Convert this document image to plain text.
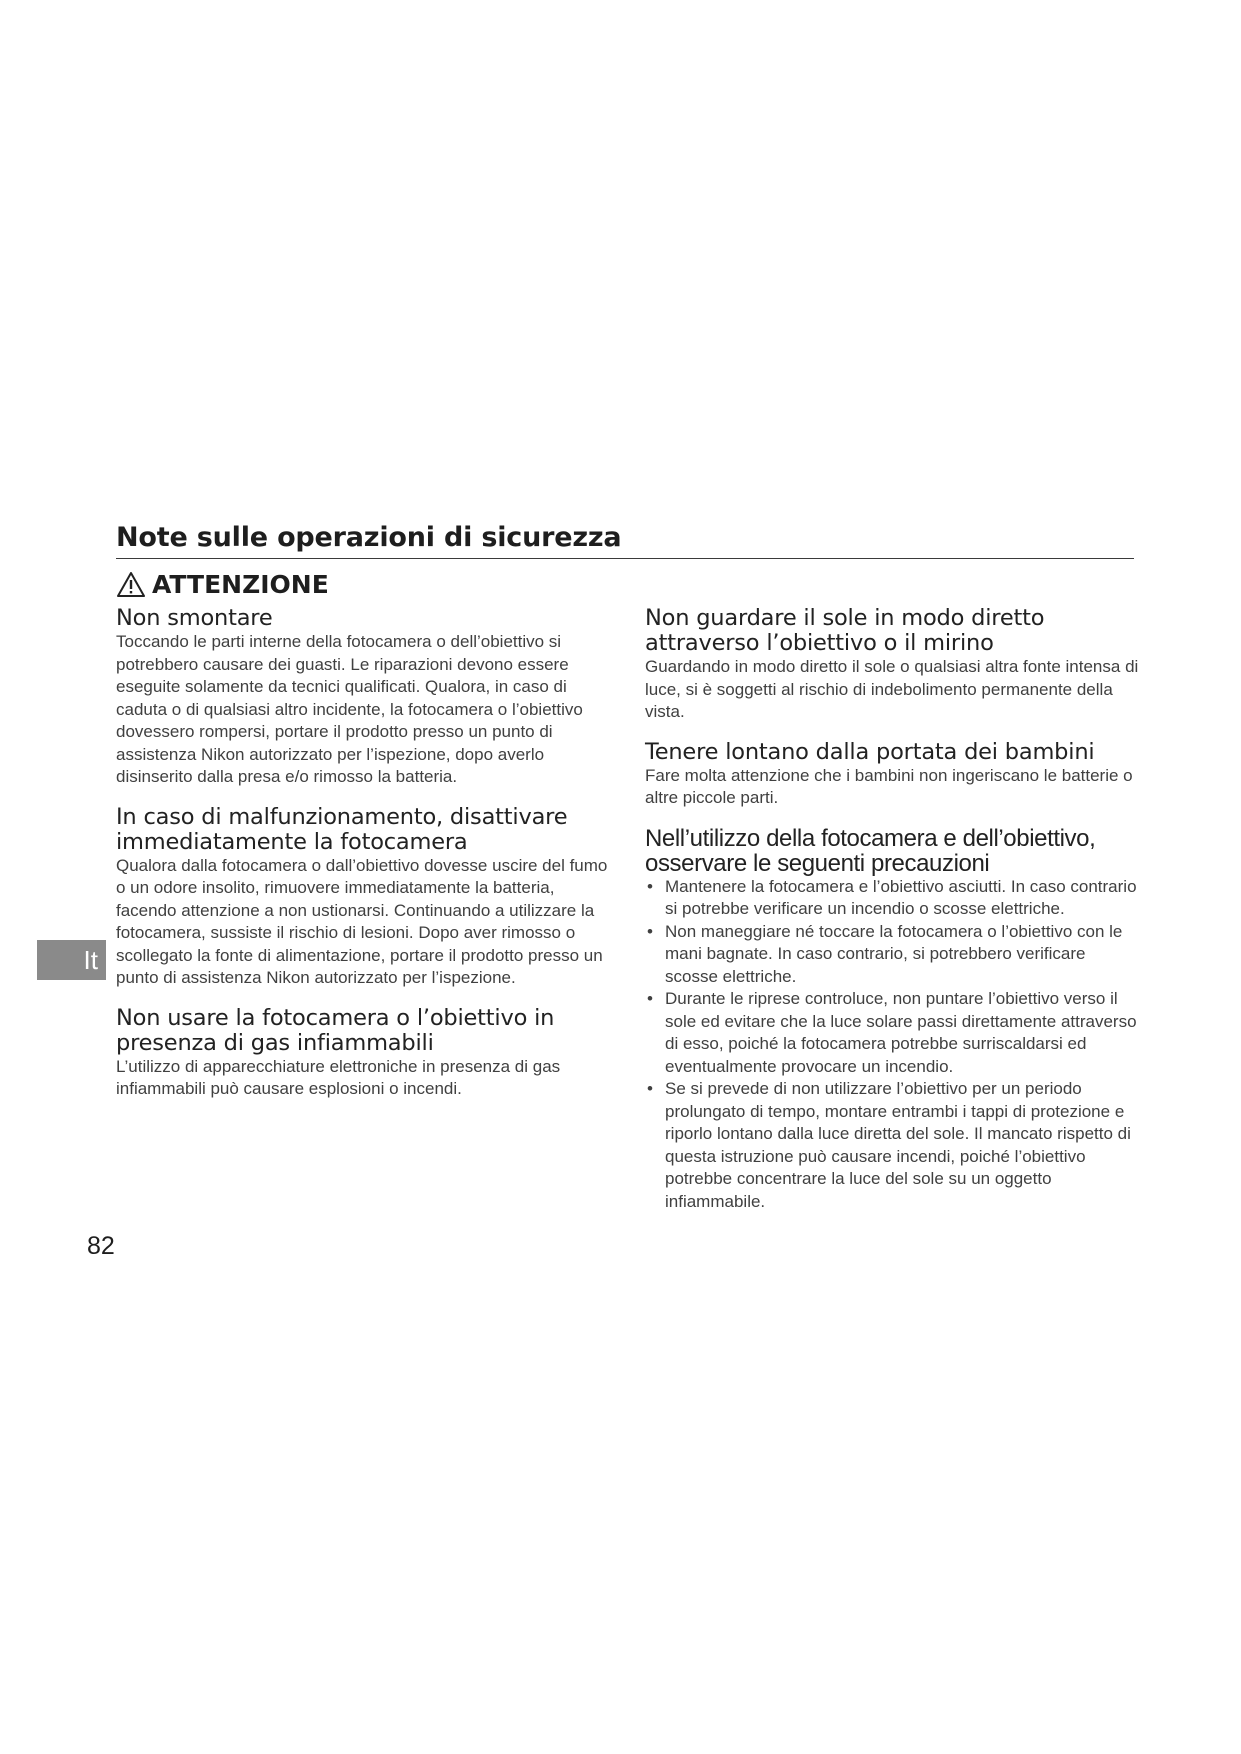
Note sulle operazioni di sicurezza
ATTENZIONE
Non smontare

Toccando le parti interne della fotocamera o dell’obiettivo si potrebbero causare dei guasti. Le riparazioni devono essere eseguite solamente da tecnici qualificati. Qualora, in caso di caduta o di qualsiasi altro incidente, la fotocamera o l’obiettivo dovessero rompersi, portare il prodotto presso un punto di assistenza Nikon autorizzato per l’ispezione, dopo averlo disinserito dalla presa e/o rimosso la batteria.

In caso di malfunzionamento, disattivare immediatamente la fotocamera

Qualora dalla fotocamera o dall’obiettivo dovesse uscire del fumo o un odore insolito, rimuovere immediatamente la batteria, facendo attenzione a non ustionarsi. Continuando a utilizzare la fotocamera, sussiste il rischio di lesioni. Dopo aver rimosso o scollegato la fonte di alimentazione, portare il prodotto presso un punto di assistenza Nikon autorizzato per l’ispezione.

Non usare la fotocamera o l’obiettivo in presenza di gas infiammabili

L’utilizzo di apparecchiature elettroniche in presenza di gas infiammabili può causare esplosioni o incendi.

Non guardare il sole in modo diretto attraverso l’obiettivo o il mirino

Guardando in modo diretto il sole o qualsiasi altra fonte intensa di luce, si è soggetti al rischio di indebolimento permanente della vista.

Tenere lontano dalla portata dei bambini

Fare molta attenzione che i bambini non ingeriscano le batterie o altre piccole parti.

Nell’utilizzo della fotocamera e dell’obiettivo, osservare le seguenti precauzioni
• Mantenere la fotocamera e l’obiettivo asciutti. In caso contrario si potrebbe verificare un incendio o scosse elettriche.
• Non maneggiare né toccare la fotocamera o l’obiettivo con le mani bagnate. In caso contrario, si potrebbero verificare scosse elettriche.
• Durante le riprese controluce, non puntare l’obiettivo verso il sole ed evitare che la luce solare passi direttamente attraverso di esso, poiché la fotocamera potrebbe surriscaldarsi ed eventualmente provocare un incendio.
• Se si prevede di non utilizzare l’obiettivo per un periodo prolungato di tempo, montare entrambi i tappi di protezione e riporlo lontano dalla luce diretta del sole. Il mancato rispetto di questa istruzione può causare incendi, poiché l’obiettivo potrebbe concentrare la luce del sole su un oggetto infiammabile.
It
82
